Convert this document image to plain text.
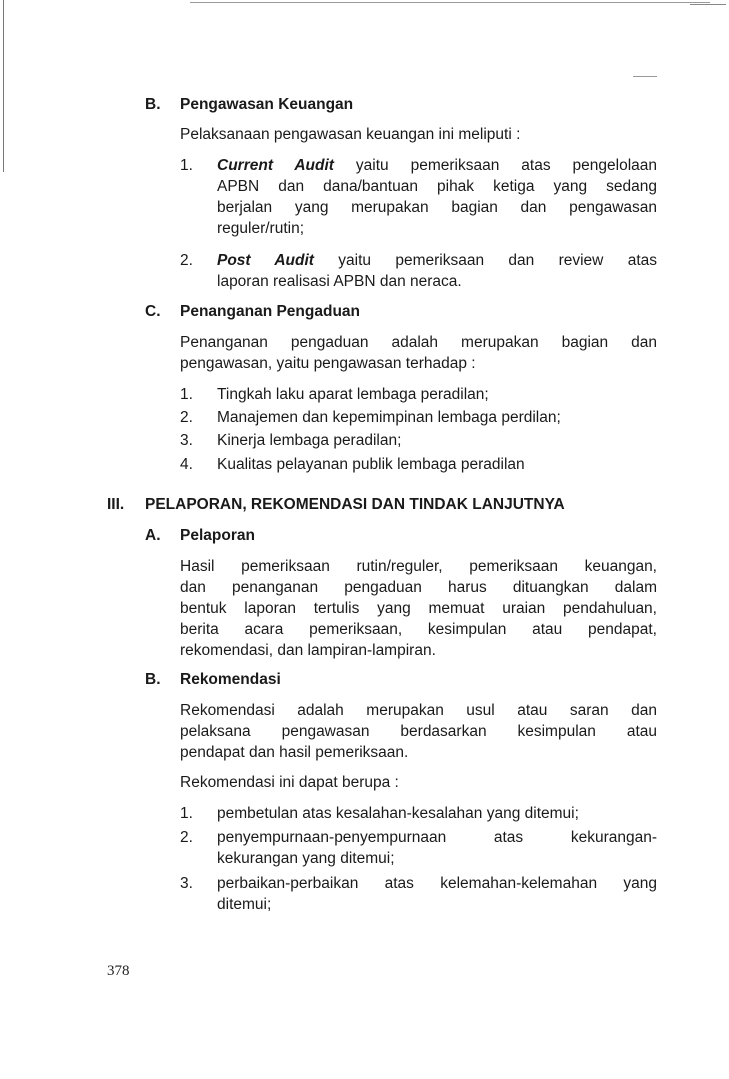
B. Pengawasan Keuangan
Pelaksanaan pengawasan keuangan ini meliputi :
1. Current Audit yaitu pemeriksaan atas pengelolaan
APBN dan dana/bantuan pihak ketiga yang sedang
berjalan yang merupakan bagian dan pengawasan
reguler/rutin;
2. Post Audit yaitu pemeriksaan dan review atas
laporan realisasi APBN dan neraca.
C. Penanganan Pengaduan
Penanganan pengaduan adalah merupakan bagian dan
pengawasan, yaitu pengawasan terhadap :
1. Tingkah laku aparat lembaga peradilan;
2. Manajemen dan kepemimpinan lembaga perdilan;
3. Kinerja lembaga peradilan;
4. Kualitas pelayanan publik lembaga peradilan
III. PELAPORAN, REKOMENDASI DAN TINDAK LANJUTNYA
A. Pelaporan
Hasil pemeriksaan rutin/reguler, pemeriksaan keuangan,
dan penanganan pengaduan harus dituangkan dalam
bentuk laporan tertulis yang memuat uraian pendahuluan,
berita acara pemeriksaan, kesimpulan atau pendapat,
rekomendasi, dan lampiran-lampiran.
B. Rekomendasi
Rekomendasi adalah merupakan usul atau saran dan
pelaksana pengawasan berdasarkan kesimpulan atau
pendapat dan hasil pemeriksaan.
Rekomendasi ini dapat berupa :
1. pembetulan atas kesalahan-kesalahan yang ditemui;
2. penyempurnaan-penyempurnaan atas kekurangan-
kekurangan yang ditemui;
3. perbaikan-perbaikan atas kelemahan-kelemahan yang
ditemui;
378
